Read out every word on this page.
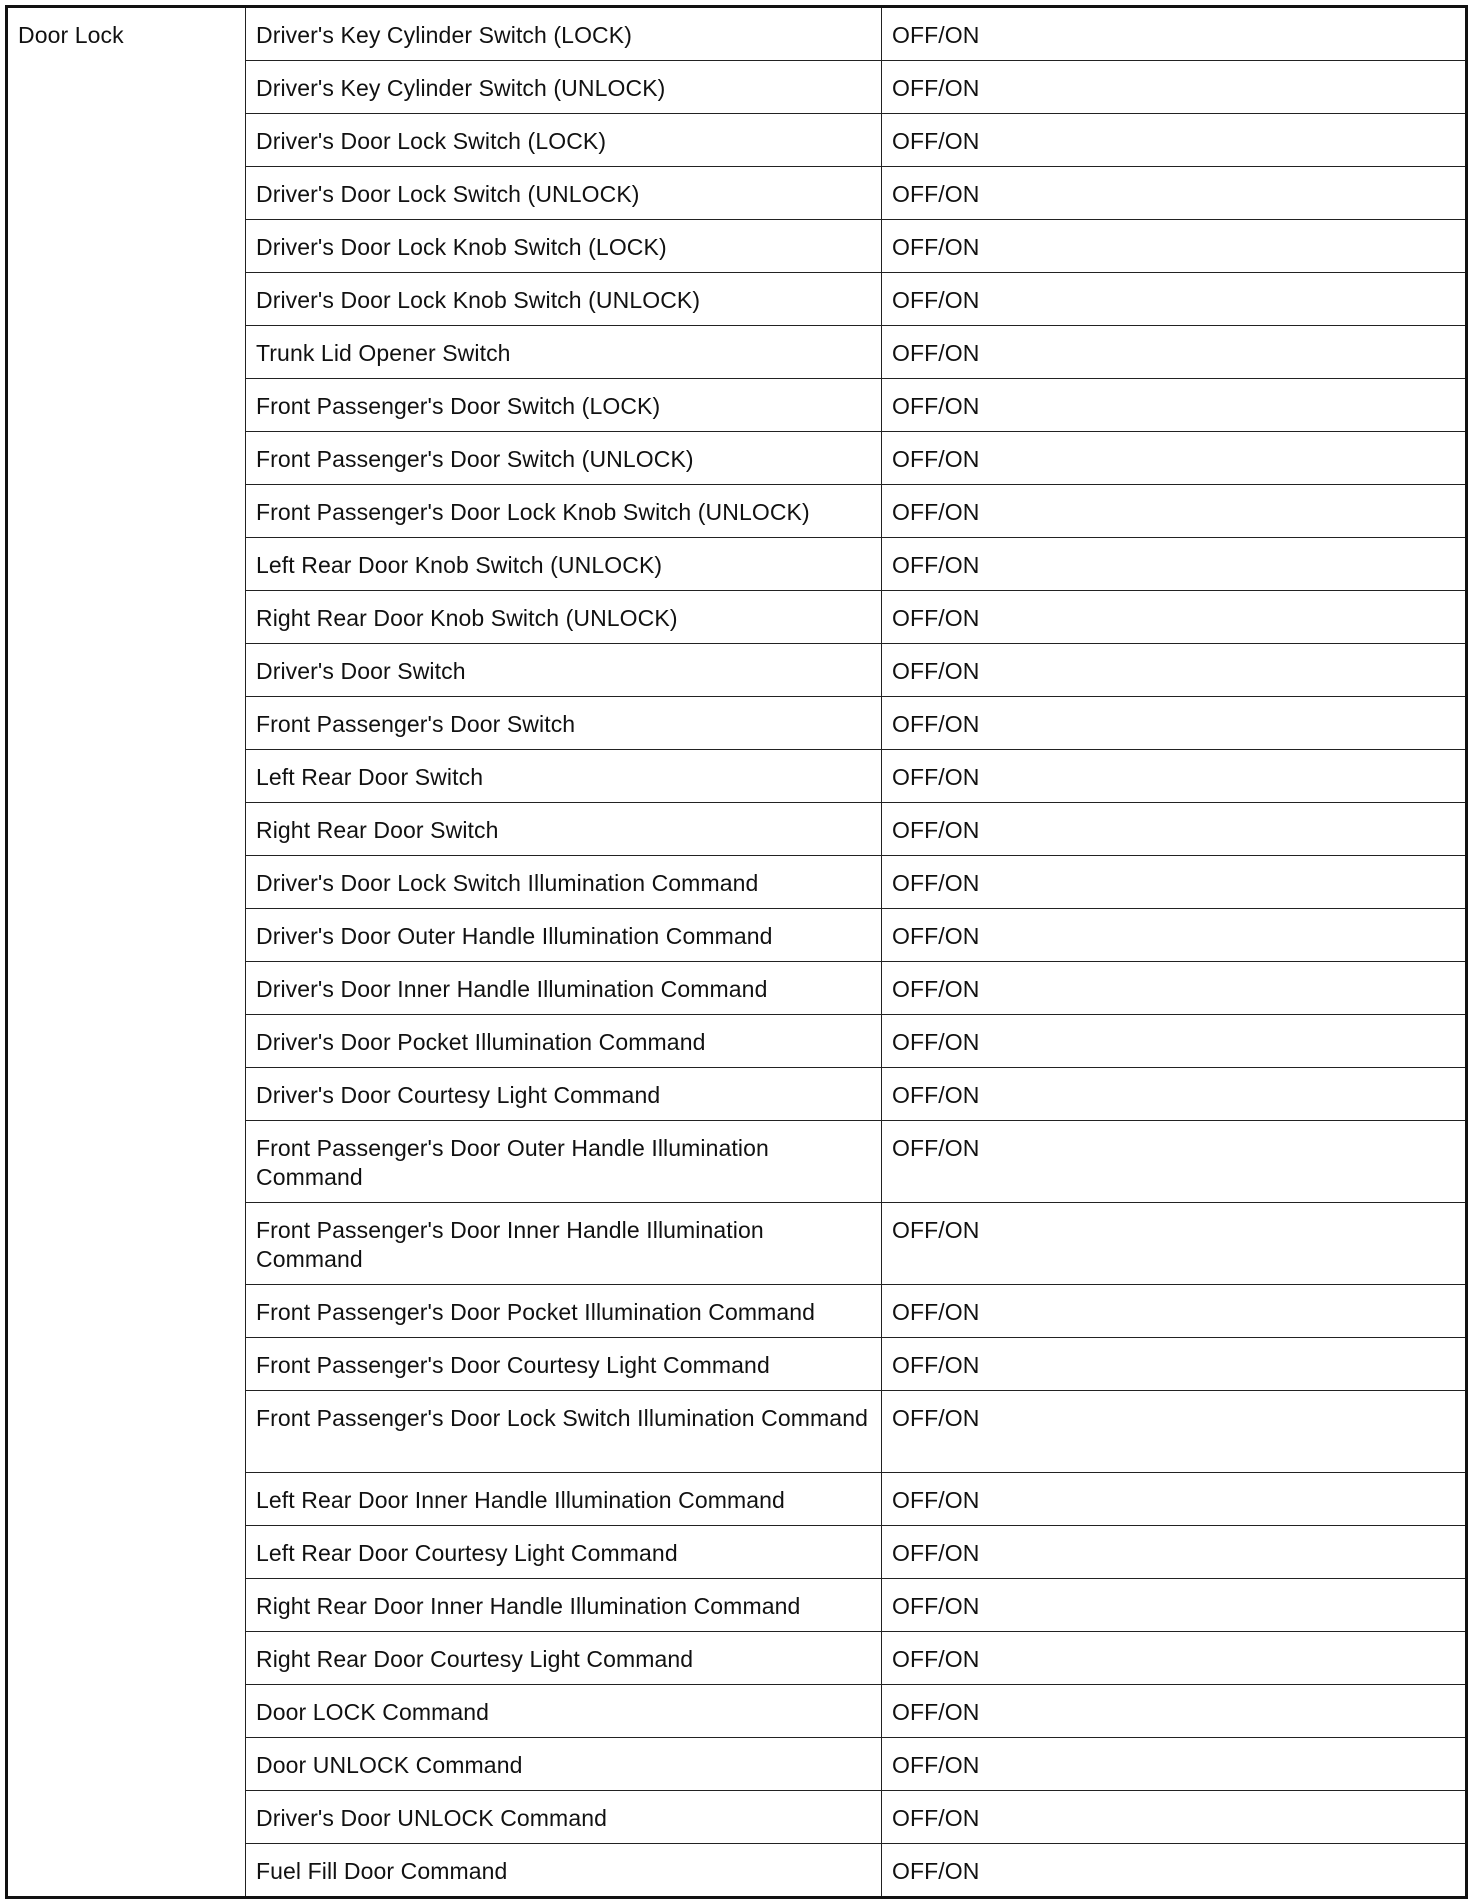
Door Lock	Driver's Key Cylinder Switch (LOCK)	OFF/ON

	Driver's Key Cylinder Switch (UNLOCK)	OFF/ON

	Driver's Door Lock Switch (LOCK)	OFF/ON

	Driver's Door Lock Switch (UNLOCK)	OFF/ON

	Driver's Door Lock Knob Switch (LOCK)	OFF/ON

	Driver's Door Lock Knob Switch (UNLOCK)	OFF/ON

	Trunk Lid Opener Switch	OFF/ON

	Front Passenger's Door Switch (LOCK)	OFF/ON

	Front Passenger's Door Switch (UNLOCK)	OFF/ON

	Front Passenger's Door Lock Knob Switch (UNLOCK)	OFF/ON

	Left Rear Door Knob Switch (UNLOCK)	OFF/ON

	Right Rear Door Knob Switch (UNLOCK)	OFF/ON

	Driver's Door Switch	OFF/ON

	Front Passenger's Door Switch	OFF/ON

	Left Rear Door Switch	OFF/ON

	Right Rear Door Switch	OFF/ON

	Driver's Door Lock Switch Illumination Command	OFF/ON

	Driver's Door Outer Handle Illumination Command	OFF/ON

	Driver's Door Inner Handle Illumination Command	OFF/ON

	Driver's Door Pocket Illumination Command	OFF/ON

	Driver's Door Courtesy Light Command	OFF/ON

	Front Passenger's Door Outer Handle Illumination Command	OFF/ON

	Front Passenger's Door Inner Handle Illumination Command	OFF/ON

	Front Passenger's Door Pocket Illumination Command	OFF/ON

	Front Passenger's Door Courtesy Light Command	OFF/ON

	Front Passenger's Door Lock Switch Illumination Command	OFF/ON

	Left Rear Door Inner Handle Illumination Command	OFF/ON

	Left Rear Door Courtesy Light Command	OFF/ON

	Right Rear Door Inner Handle Illumination Command	OFF/ON

	Right Rear Door Courtesy Light Command	OFF/ON

	Door LOCK Command	OFF/ON

	Door UNLOCK Command	OFF/ON

	Driver's Door UNLOCK Command	OFF/ON

	Fuel Fill Door Command	OFF/ON
